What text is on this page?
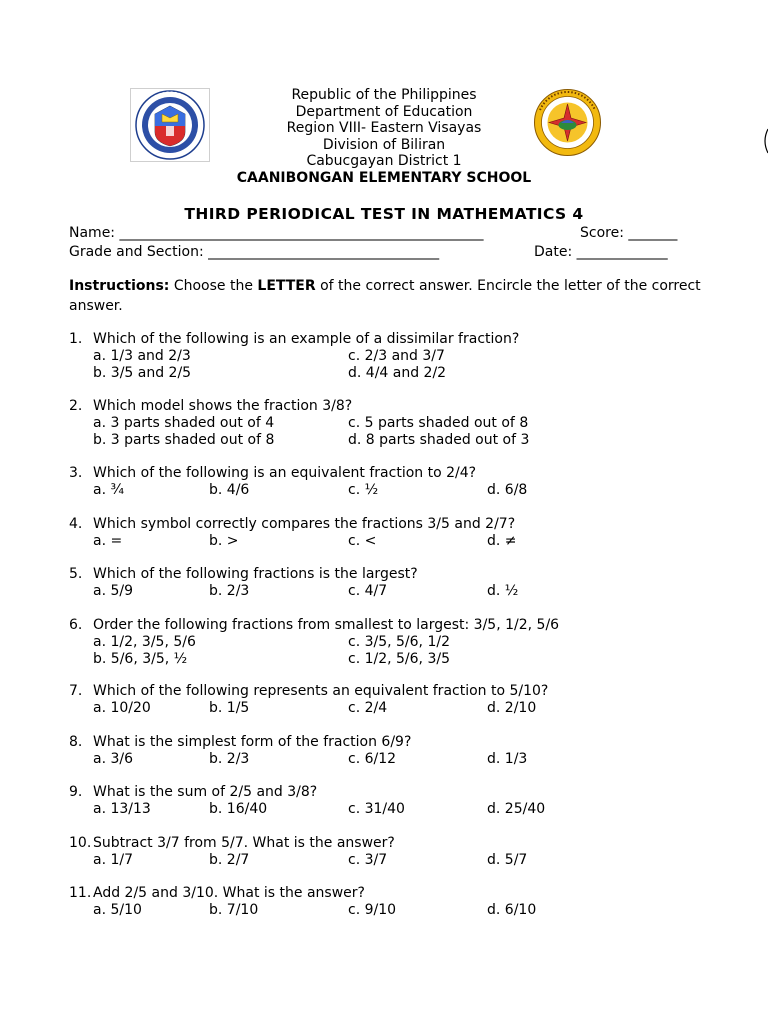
Republic of the Philippines
Department of Education
Region VIII- Eastern Visayas
Division of Biliran
Cabucgayan District 1
CAANIBONGAN ELEMENTARY SCHOOL
THIRD PERIODICAL TEST IN MATHEMATICS 4
Name: ____________________________________________________	Score: _______
Grade and Section: _________________________________	Date: _____________
Instructions: Choose the LETTER of the correct answer. Encircle the letter of the correct answer.
1. Which of the following is an example of a dissimilar fraction?
a. 1/3 and 2/3	c. 2/3 and 3/7
b. 3/5 and 2/5	d. 4/4 and 2/2
2. Which model shows the fraction 3/8?
a. 3 parts shaded out of 4	c. 5 parts shaded out of 8
b. 3 parts shaded out of 8	d. 8 parts shaded out of 3
3. Which of the following is an equivalent fraction to 2/4?
a. ¾	b. 4/6	c. ½	d. 6/8
4. Which symbol correctly compares the fractions 3/5 and 2/7?
a. =	b. >	c. <	d. ≠
5. Which of the following fractions is the largest?
a. 5/9	b. 2/3	c. 4/7	d. ½
6. Order the following fractions from smallest to largest: 3/5, 1/2, 5/6
a. 1/2, 3/5, 5/6	c. 3/5, 5/6, 1/2
b. 5/6, 3/5, ½	c. 1/2, 5/6, 3/5
7. Which of the following represents an equivalent fraction to 5/10?
a. 10/20	b. 1/5	c. 2/4	d. 2/10
8. What is the simplest form of the fraction 6/9?
a. 3/6	b. 2/3	c. 6/12	d. 1/3
9. What is the sum of 2/5 and 3/8?
a. 13/13	b. 16/40	c. 31/40	d. 25/40
10. Subtract 3/7 from 5/7. What is the answer?
a. 1/7	b. 2/7	c. 3/7	d. 5/7
11. Add 2/5 and 3/10. What is the answer?
a. 5/10	b. 7/10	c. 9/10	d. 6/10
